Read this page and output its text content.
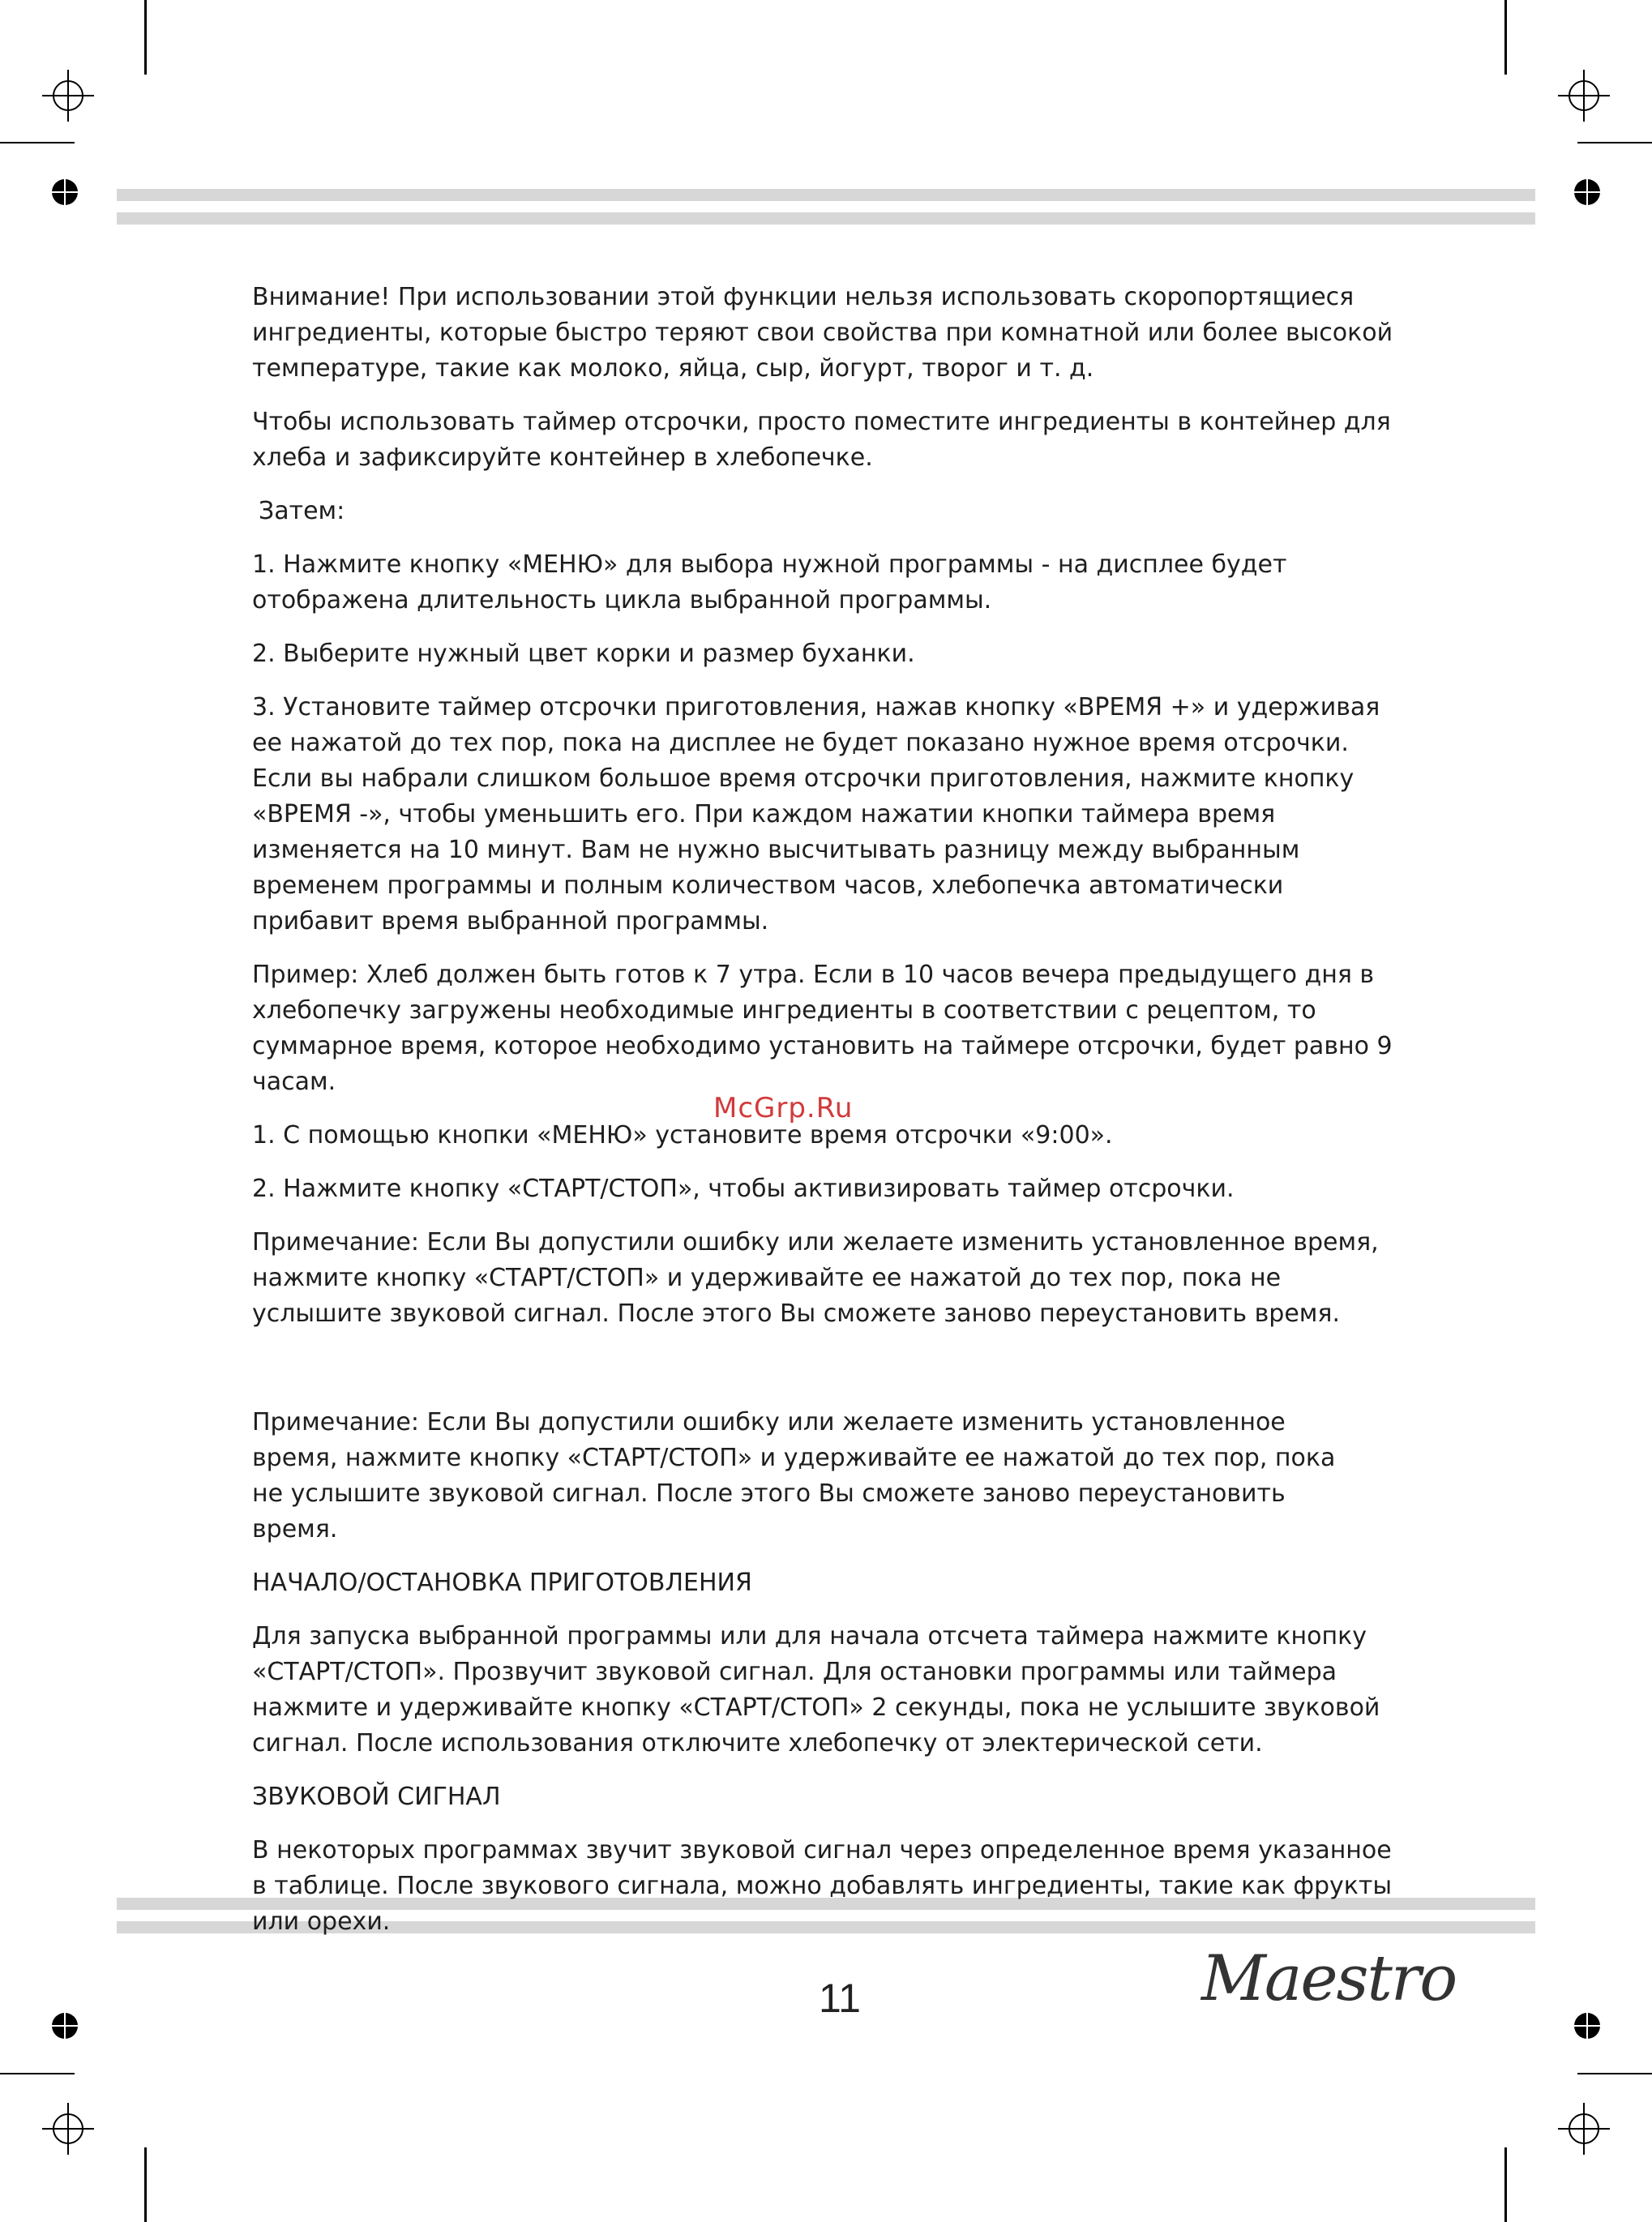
Внимание! При использовании этой функции нельзя использовать скоропортящиеся ингредиенты, которые быстро теряют свои свойства при комнатной или более высокой температуре, такие как молоко, яйца, сыр, йогурт, творог и т. д.

Чтобы использовать таймер отсрочки, просто поместите ингредиенты в контейнер для хлеба и зафиксируйте контейнер в хлебопечке.

Затем:

1. Нажмите кнопку «МЕНЮ» для выбора нужной программы - на дисплее будет отображена длительность цикла выбранной программы.

2. Выберите нужный цвет корки и размер буханки.

3. Установите таймер отсрочки приготовления, нажав кнопку «ВРЕМЯ +» и удерживая ее нажатой до тех пор, пока на дисплее не будет показано нужное время отсрочки. Если вы набрали слишком большое время отсрочки приготовления, нажмите кнопку «ВРЕМЯ -», чтобы уменьшить его. При каждом нажатии кнопки таймера время изменяется на 10 минут. Вам не нужно высчитывать разницу между выбранным временем программы и полным количеством часов, хлебопечка автоматически прибавит время выбранной программы.

Пример: Хлеб должен быть готов к 7 утра. Если в 10 часов вечера предыдущего дня в хлебопечку загружены необходимые ингредиенты в соответствии с рецептом, то суммарное время, которое необходимо установить на таймере отсрочки, будет равно 9 часам.

1. С помощью кнопки «МЕНЮ» установите время отсрочки «9:00».

2. Нажмите кнопку «СТАРТ/СТОП», чтобы активизировать таймер отсрочки.

Примечание: Если Вы допустили ошибку или желаете изменить установленное время, нажмите кнопку «СТАРТ/СТОП» и удерживайте ее нажатой до тех пор, пока не услышите звуковой сигнал. После этого Вы сможете заново переустановить время.

Примечание: Если Вы допустили ошибку или желаете изменить установленное время, нажмите кнопку «СТАРТ/СТОП» и удерживайте ее нажатой до тех пор, пока не услышите звуковой сигнал. После этого Вы сможете заново переустановить время.

НАЧАЛО/ОСТАНОВКА ПРИГОТОВЛЕНИЯ

Для запуска выбранной программы или для начала отсчета таймера нажмите кнопку «СТАРТ/СТОП». Прозвучит звуковой сигнал. Для остановки программы или таймера нажмите и удерживайте кнопку «СТАРТ/СТОП» 2 секунды, пока не услышите звуковой сигнал. После использования отключите хлебопечку от электерической сети.

ЗВУКОВОЙ СИГНАЛ

В некоторых программах звучит звуковой сигнал через определенное время указанное в таблице. После звукового сигнала, можно добавлять ингредиенты, такие как фрукты или орехи.

McGrp.Ru
11	Maestro
